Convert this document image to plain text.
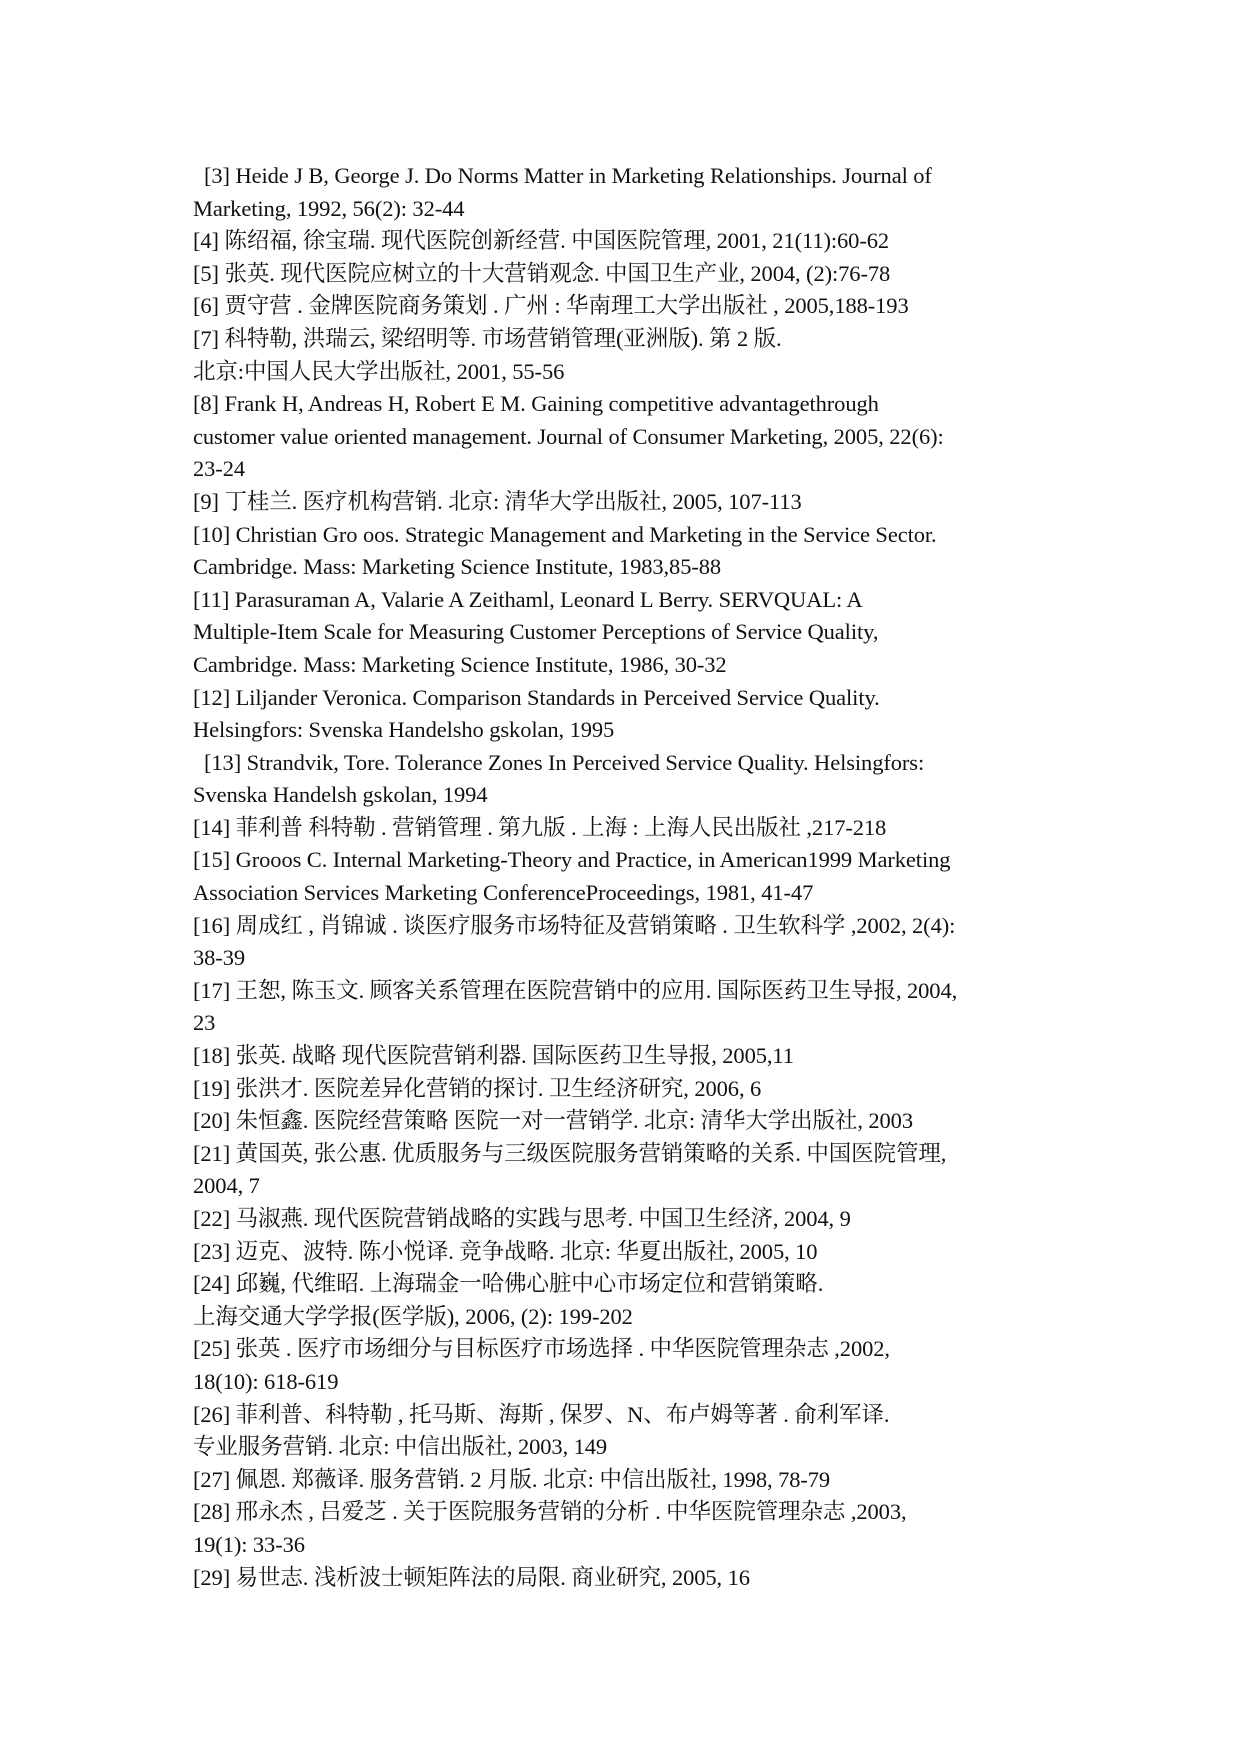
[3] Heide J B, George J. Do Norms Matter in Marketing Relationships. Journal of
Marketing, 1992, 56(2): 32-44
[4] 陈绍福, 徐宝瑞. 现代医院创新经营. 中国医院管理, 2001, 21(11):60-62
[5] 张英. 现代医院应树立的十大营销观念. 中国卫生产业, 2004, (2):76-78
[6] 贾守营 . 金牌医院商务策划 . 广州 : 华南理工大学出版社 , 2005,188-193
[7] 科特勒, 洪瑞云, 梁绍明等. 市场营销管理(亚洲版). 第 2 版.
北京:中国人民大学出版社, 2001, 55-56
[8] Frank H, Andreas H, Robert E M. Gaining competitive advantagethrough
customer value oriented management. Journal of Consumer Marketing, 2005, 22(6):
23-24
[9] 丁桂兰. 医疗机构营销. 北京: 清华大学出版社, 2005, 107-113
[10] Christian Gro oos. Strategic Management and Marketing in the Service Sector.
Cambridge. Mass: Marketing Science Institute, 1983,85-88
[11] Parasuraman A, Valarie A Zeithaml, Leonard L Berry. SERVQUAL: A
Multiple-Item Scale for Measuring Customer Perceptions of Service Quality,
Cambridge. Mass: Marketing Science Institute, 1986, 30-32
[12] Liljander Veronica. Comparison Standards in Perceived Service Quality.
Helsingfors: Svenska Handelsho gskolan, 1995
[13] Strandvik, Tore. Tolerance Zones In Perceived Service Quality. Helsingfors:
Svenska Handelsh gskolan, 1994
[14] 菲利普 科特勒 . 营销管理 . 第九版 . 上海 : 上海人民出版社 ,217-218
[15] Grooos C. Internal Marketing-Theory and Practice, in American1999 Marketing
Association Services Marketing ConferenceProceedings, 1981, 41-47
[16] 周成红 , 肖锦诚 . 谈医疗服务市场特征及营销策略 . 卫生软科学 ,2002, 2(4):
38-39
[17] 王恕, 陈玉文. 顾客关系管理在医院营销中的应用. 国际医药卫生导报, 2004,
23
[18] 张英. 战略 现代医院营销利器. 国际医药卫生导报, 2005,11
[19] 张洪才. 医院差异化营销的探讨. 卫生经济研究, 2006, 6
[20] 朱恒鑫. 医院经营策略 医院一对一营销学. 北京: 清华大学出版社, 2003
[21] 黄国英, 张公惠. 优质服务与三级医院服务营销策略的关系. 中国医院管理,
2004, 7
[22] 马淑燕. 现代医院营销战略的实践与思考. 中国卫生经济, 2004, 9
[23] 迈克、波特. 陈小悦译. 竞争战略. 北京: 华夏出版社, 2005, 10
[24] 邱巍, 代维昭. 上海瑞金一哈佛心脏中心市场定位和营销策略.
上海交通大学学报(医学版), 2006, (2): 199-202
[25] 张英 . 医疗市场细分与目标医疗市场选择 . 中华医院管理杂志 ,2002,
18(10): 618-619
[26] 菲利普、科特勒 , 托马斯、海斯 , 保罗、N、布卢姆等著 . 俞利军译.
专业服务营销. 北京: 中信出版社, 2003, 149
[27] 佩恩. 郑薇译. 服务营销. 2 月版. 北京: 中信出版社, 1998, 78-79
[28] 邢永杰 , 吕爱芝 . 关于医院服务营销的分析 . 中华医院管理杂志 ,2003,
19(1): 33-36
[29] 易世志. 浅析波士顿矩阵法的局限. 商业研究, 2005, 16
